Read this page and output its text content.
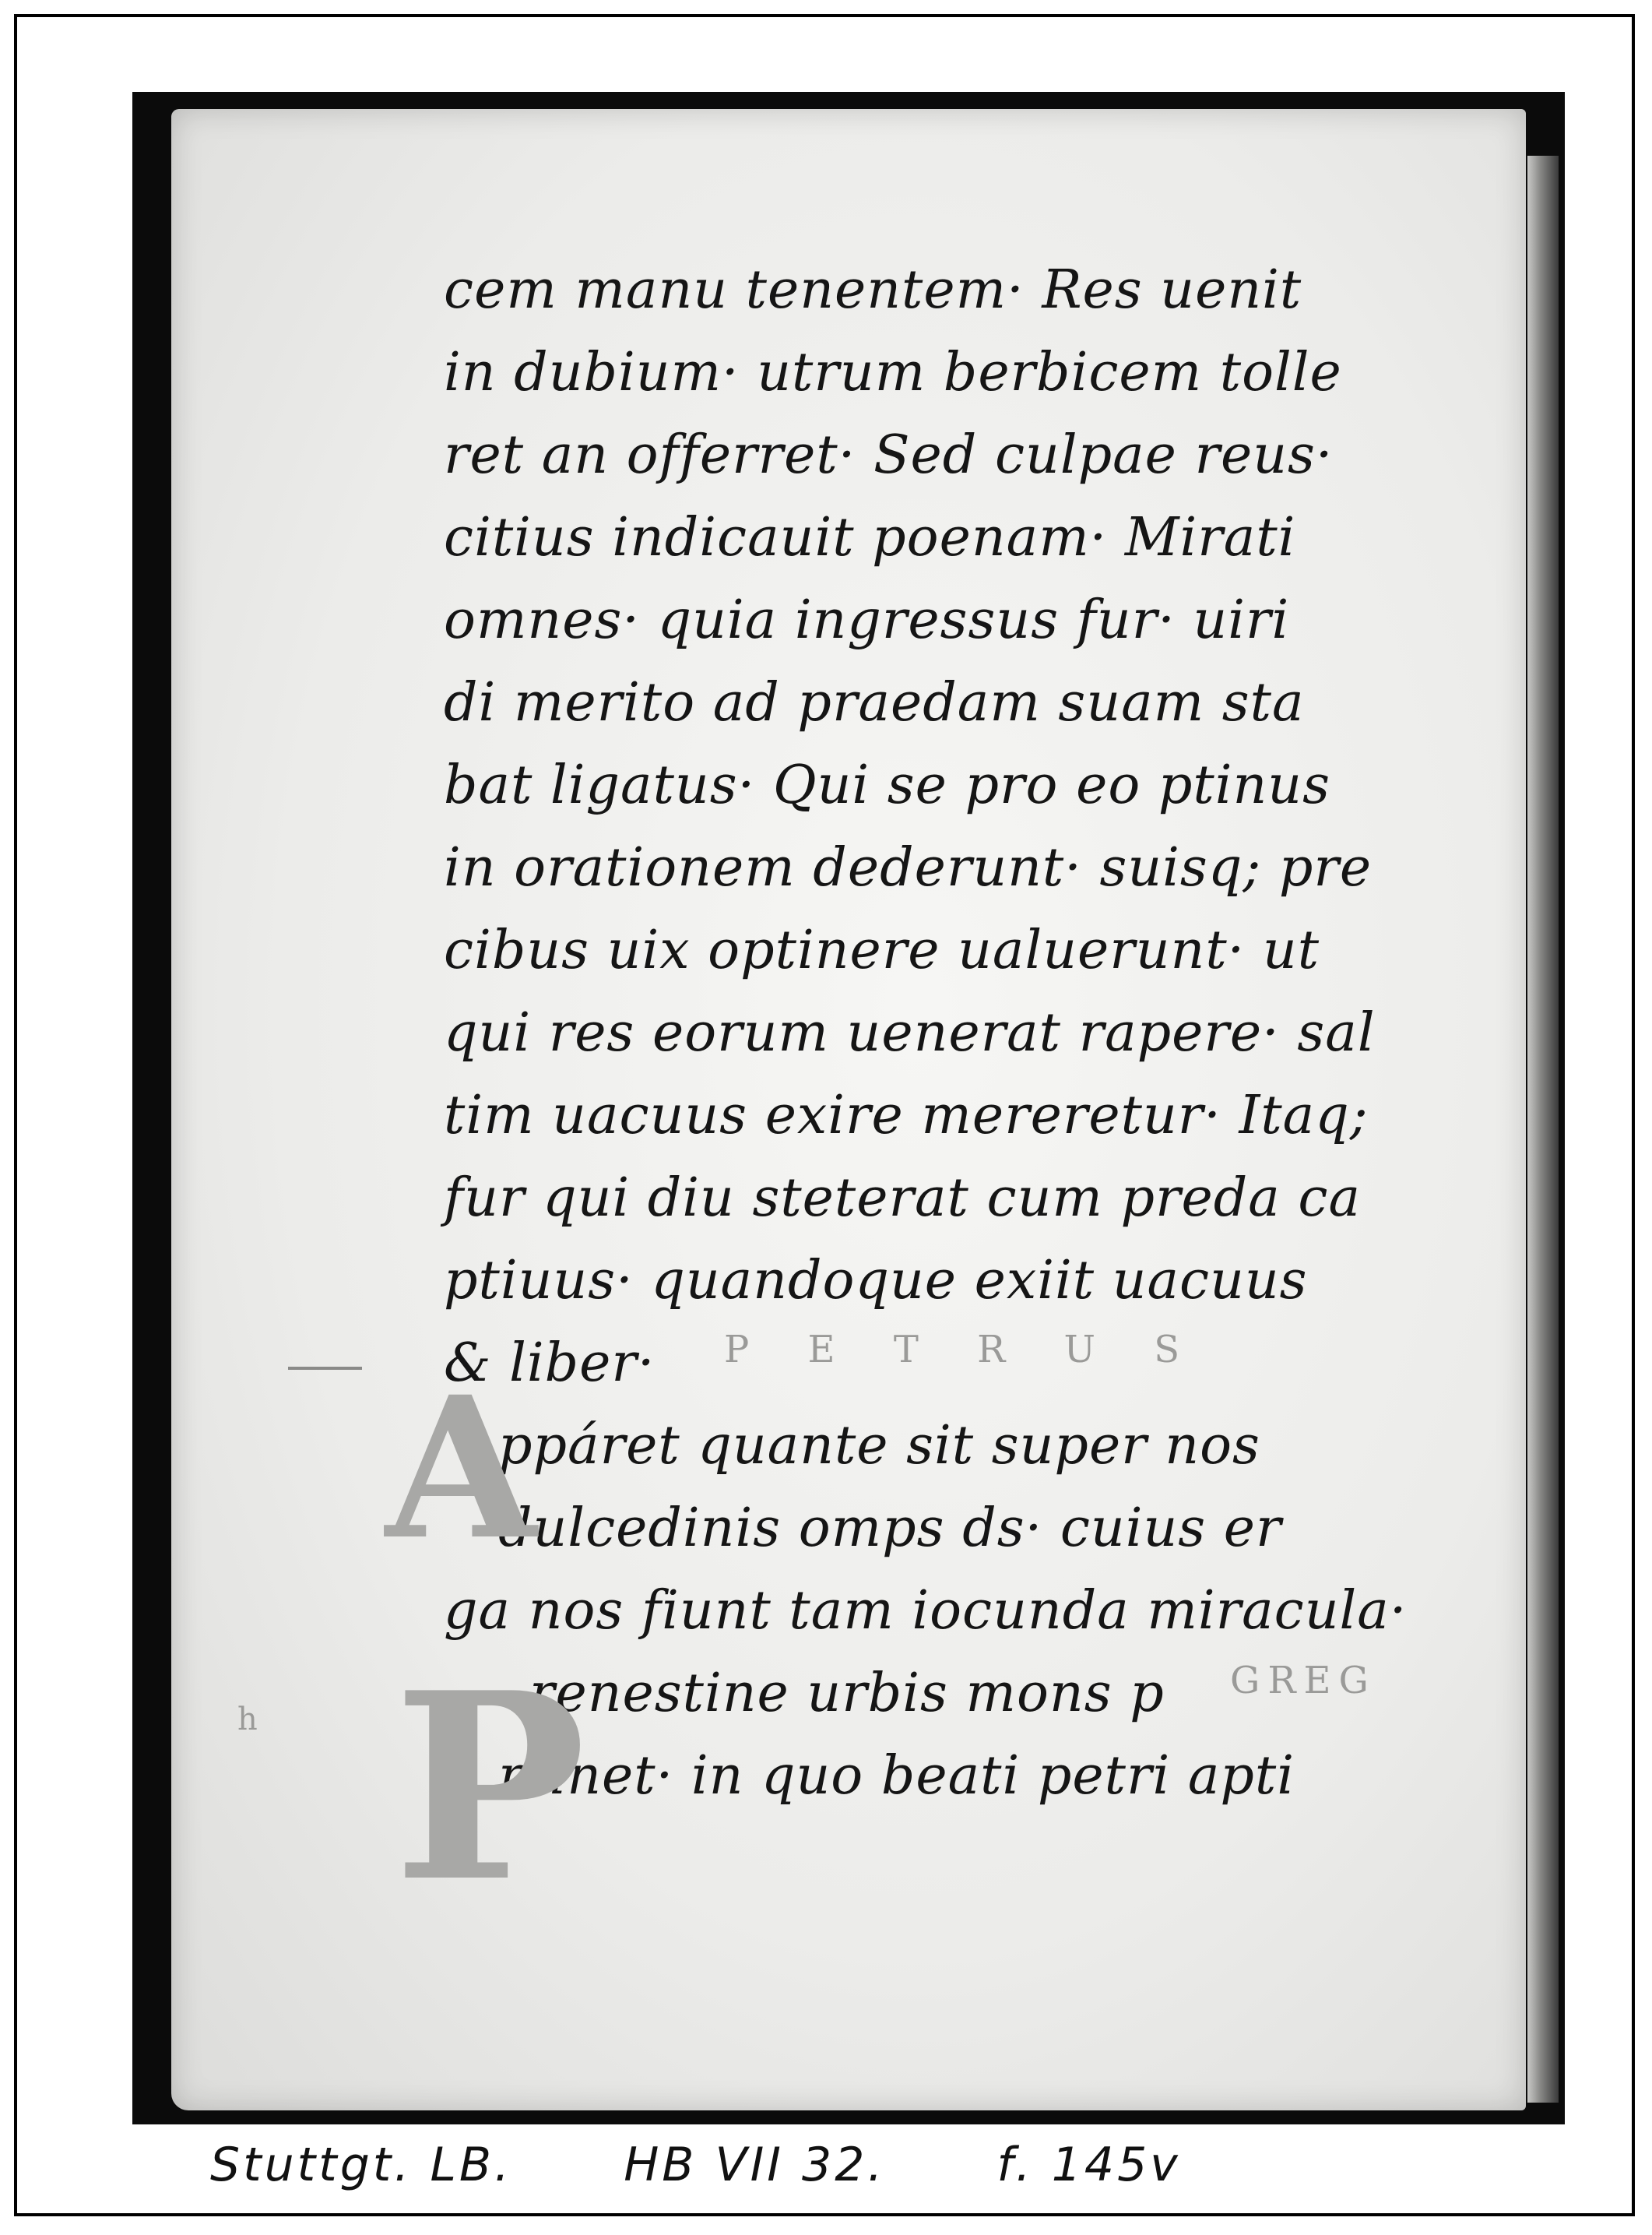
cem manu tenentem· Res uenit
in dubium· utrum berbicem tolle
ret an offerret· Sed culpae reus·
citius indicauit poenam· Mirati
omnes· quia ingressus fur· uiri
di merito ad praedam suam sta
bat ligatus· Qui se pro eo ptinus
in orationem dederunt· suisq; pre
cibus uix optinere ualuerunt· ut
qui res eorum uenerat rapere· sal
tim uacuus exire mereretur· Itaq;
fur qui diu steterat cum preda ca
ptiuus· quandoque exiit uacuus
& liber·
ppáret quante sit super nos
dulcedinis omps ds· cuius er
ga nos fiunt tam iocunda miracula·
renestine urbis mons p
minet· in quo beati petri apti
P E T R U S
GREG
A
P
h
Stuttgt. LB. HB VII 32. f. 145v
